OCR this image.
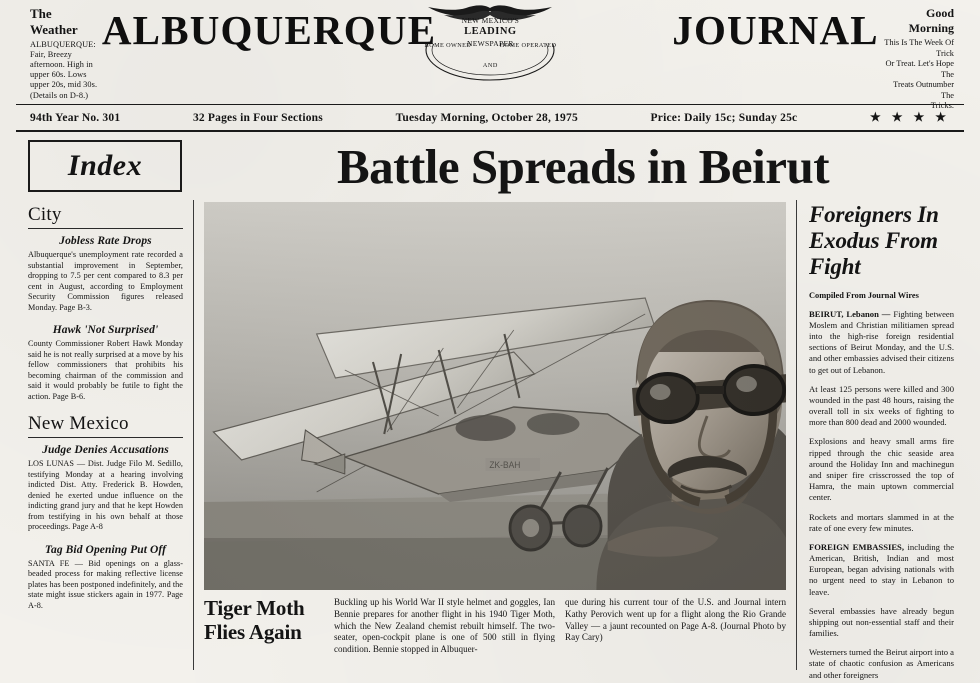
The Weather
ALBUQUERQUE: Fair, Breezy afternoon. High in upper 60s. Lows upper 20s, mid 30s. (Details on D-8.)
ALBUQUERQUE	JOURNAL
NEW MEXICO'S
LEADING
NEWSPAPER
HOME OWNED	HOME OPERATED
AND
Good Morning
This Is The Week Of Trick
Or Treat. Let's Hope The
Treats Outnumber The
Tricks.
94th Year No. 301	32 Pages in Four Sections	Tuesday Morning, October 28, 1975	Price: Daily 15c; Sunday 25c	★ ★ ★ ★
Index	Battle Spreads in Beirut
City
Jobless Rate Drops
Albuquerque's unemployment rate recorded a substantial improvement in September, dropping to 7.5 per cent compared to 8.3 per cent in August, according to Employment Security Commission figures released Monday. Page B-3.
Hawk 'Not Surprised'
County Commissioner Robert Hawk Monday said he is not really surprised at a move by his fellow commissioners that prohibits his becoming chairman of the commission and said it would probably be futile to fight the action. Page B-6.
New Mexico
Judge Denies Accusations
LOS LUNAS — Dist. Judge Filo M. Sedillo, testifying Monday at a hearing involving indicted Dist. Atty. Frederick B. Howden, denied he exerted undue influence on the indicting grand jury and that he kept Howden from testifying in his own behalf at those proceedings. Page A-8
Tag Bid Opening Put Off
SANTA FE — Bid openings on a glass-beaded process for making reflective license plates has been postponed indefinitely, and the state might issue stickers again in 1977. Page A-8.
ZK-BAH
Tiger Moth
Flies Again
Buckling up his World War II style helmet and goggles, Ian Bennie prepares for another flight in his 1940 Tiger Moth, which the New Zealand chemist rebuilt himself. The two-seater, open-cockpit plane is one of 500 still in flying condition. Bennie stopped in Albuquer-
que during his current tour of the U.S. and Journal intern Kathy Perovich went up for a flight along the Rio Grande Valley — a jaunt recounted on Page A-8. (Journal Photo by Ray Cary)
Foreigners In Exodus From Fight
Compiled From Journal Wires
BEIRUT, Lebanon — Fighting between Moslem and Christian militiamen spread into the high-rise foreign residential sections of Beirut Monday, and the U.S. and other embassies advised their citizens to get out of Lebanon.
At least 125 persons were killed and 300 wounded in the past 48 hours, raising the overall toll in six weeks of fighting to more than 800 dead and 2000 wounded.
Explosions and heavy small arms fire ripped through the chic seaside area around the Holiday Inn and machinegun and sniper fire crisscrossed the top of Hamra, the main uptown commercial center.
Rockets and mortars slammed in at the rate of one every few minutes.
FOREIGN EMBASSIES, including the American, British, Indian and most European, began advising nationals with no urgent need to stay in Lebanon to leave.
Several embassies have already begun shipping out non-essential staff and their families.
Westerners turned the Beirut airport into a state of chaotic confusion as Americans and other foreigners
